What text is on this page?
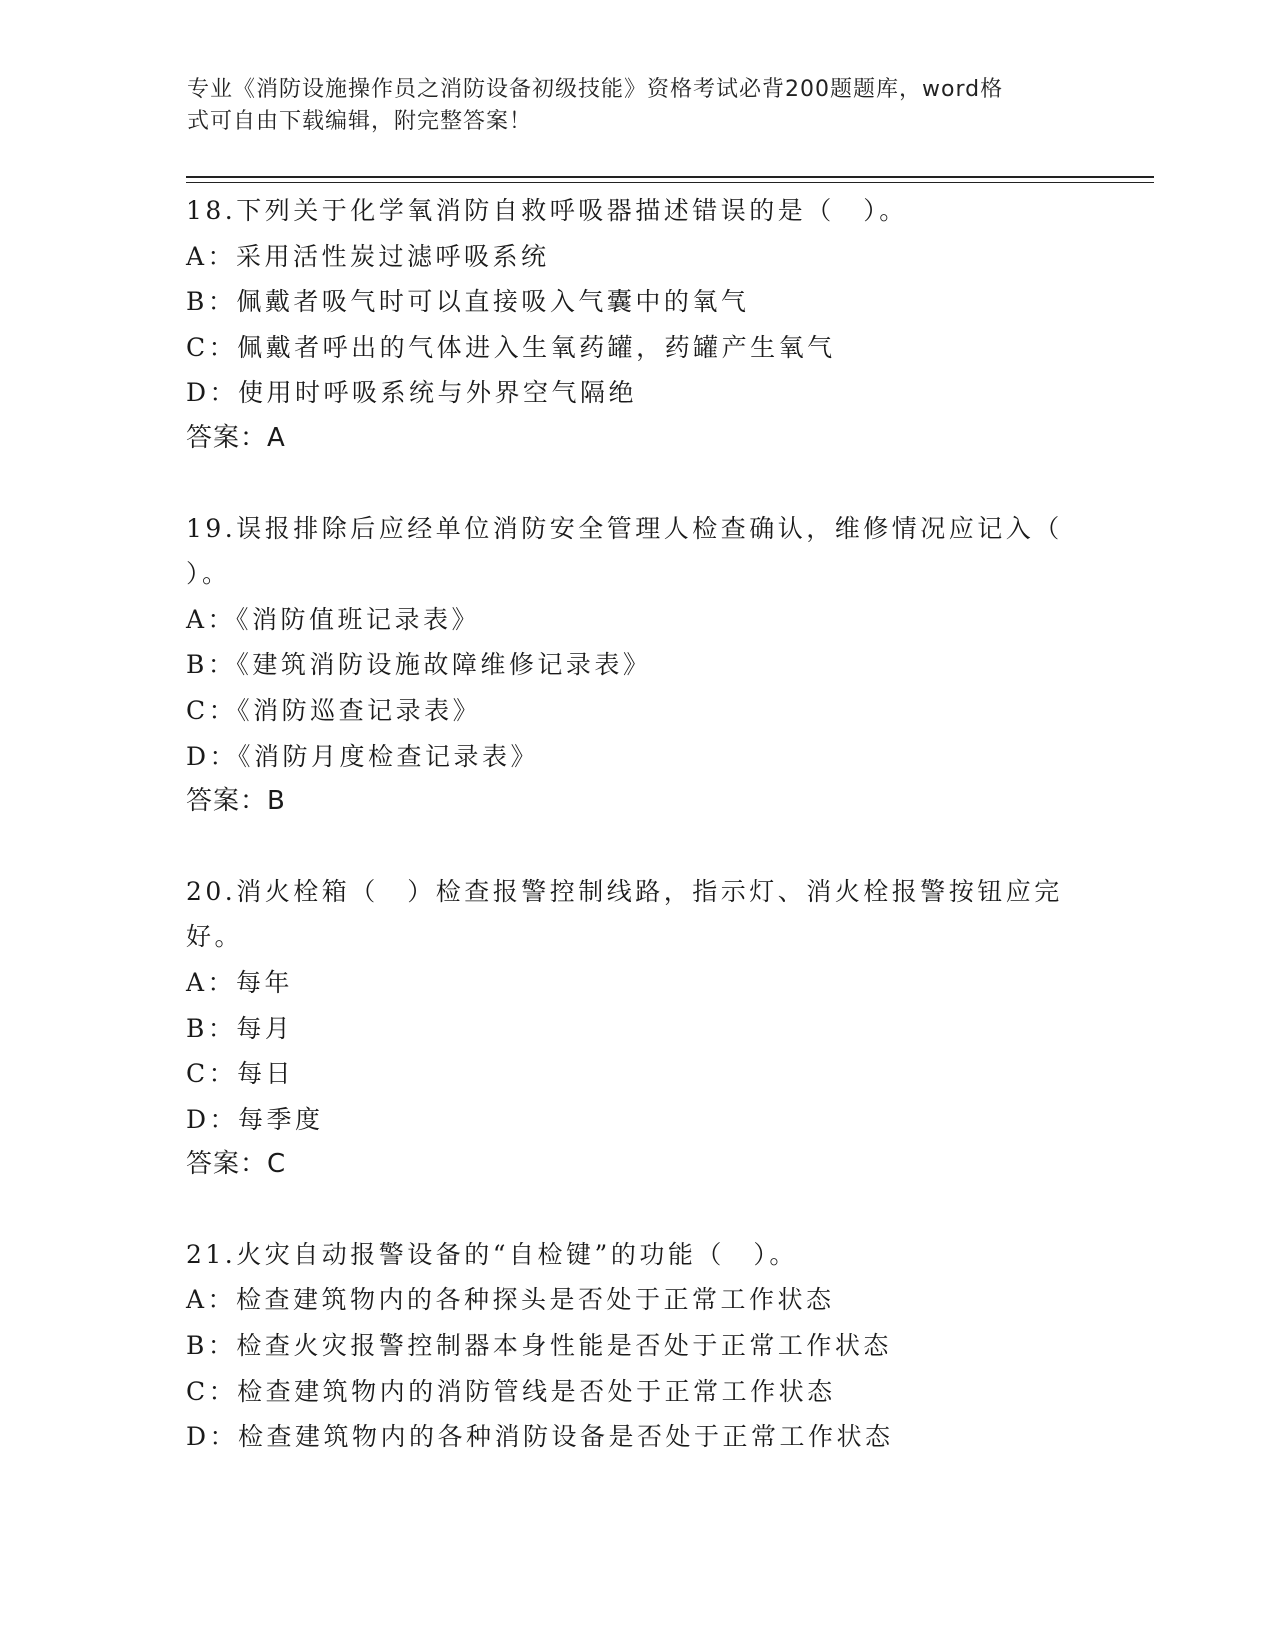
专业《消防设施操作员之消防设备初级技能》资格考试必背200题题库，word格
式可自由下载编辑，附完整答案！
18.下列关于化学氧消防自救呼吸器描述错误的是（　）。
A：采用活性炭过滤呼吸系统
B：佩戴者吸气时可以直接吸入气囊中的氧气
C：佩戴者呼出的气体进入生氧药罐，药罐产生氧气
D：使用时呼吸系统与外界空气隔绝
答案：A
19.误报排除后应经单位消防安全管理人检查确认，维修情况应记入（
）。
A：《消防值班记录表》
B：《建筑消防设施故障维修记录表》
C：《消防巡查记录表》
D：《消防月度检查记录表》
答案：B
20.消火栓箱（　）检查报警控制线路，指示灯、消火栓报警按钮应完
好。
A：每年
B：每月
C：每日
D：每季度
答案：C
21.火灾自动报警设备的“自检键”的功能（　）。
A：检查建筑物内的各种探头是否处于正常工作状态
B：检查火灾报警控制器本身性能是否处于正常工作状态
C：检查建筑物内的消防管线是否处于正常工作状态
D：检查建筑物内的各种消防设备是否处于正常工作状态
